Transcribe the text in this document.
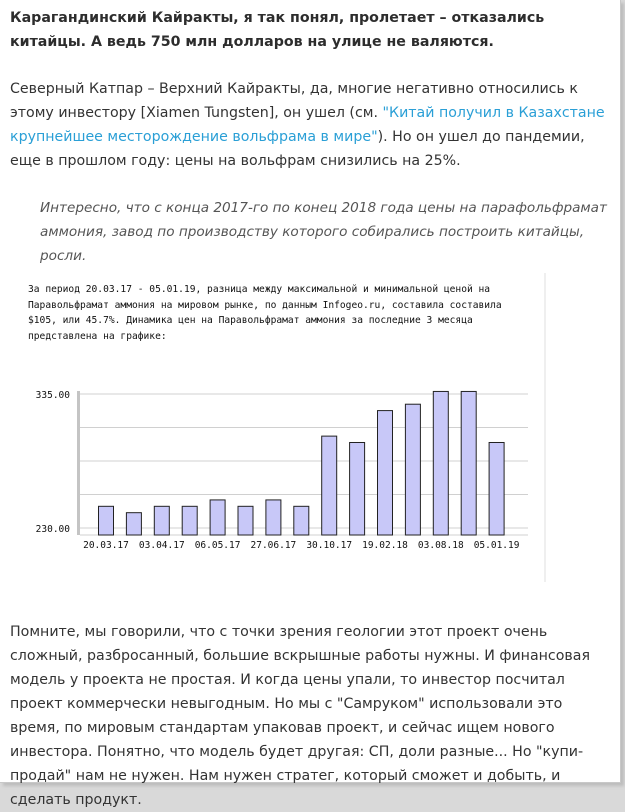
Карагандинский Кайракты, я так понял, пролетает – отказались китайцы. А ведь 750 млн долларов на улице не валяются.

Северный Катпар – Верхний Кайракты, да, многие негативно относились к этому инвестору [Xiamen Tungsten], он ушел (см. "Китай получил в Казахстане крупнейшее месторождение вольфрама в мире"). Но он ушел до пандемии, еще в прошлом году: цены на вольфрам снизились на 25%.

Интересно, что с конца 2017-го по конец 2018 года цены на парафольфрамат аммония, завод по производству которого собирались построить китайцы, росли.

За период 20.03.17 - 05.01.19, разница между максимальной и минимальной ценой на Паравольфрамат аммония на мировом рынке, по данным Infogeo.ru, составила составила $105, или 45.7%. Динамика цен на Паравольфрамат аммония за последние 3 месяца представлена на графике:

335.00
230.00
20.03.17 03.04.17 06.05.17 27.06.17 30.10.17 19.02.18 03.08.18 05.01.19

Помните, мы говорили, что с точки зрения геологии этот проект очень сложный, разбросанный, большие вскрышные работы нужны. И финансовая модель у проекта не простая. И когда цены упали, то инвестор посчитал проект коммерчески невыгодным. Но мы с "Самруком" использовали это время, по мировым стандартам упаковав проект, и сейчас ищем нового инвестора. Понятно, что модель будет другая: СП, доли разные... Но "купи-продай" нам не нужен. Нам нужен стратег, который сможет и добыть, и сделать продукт.
